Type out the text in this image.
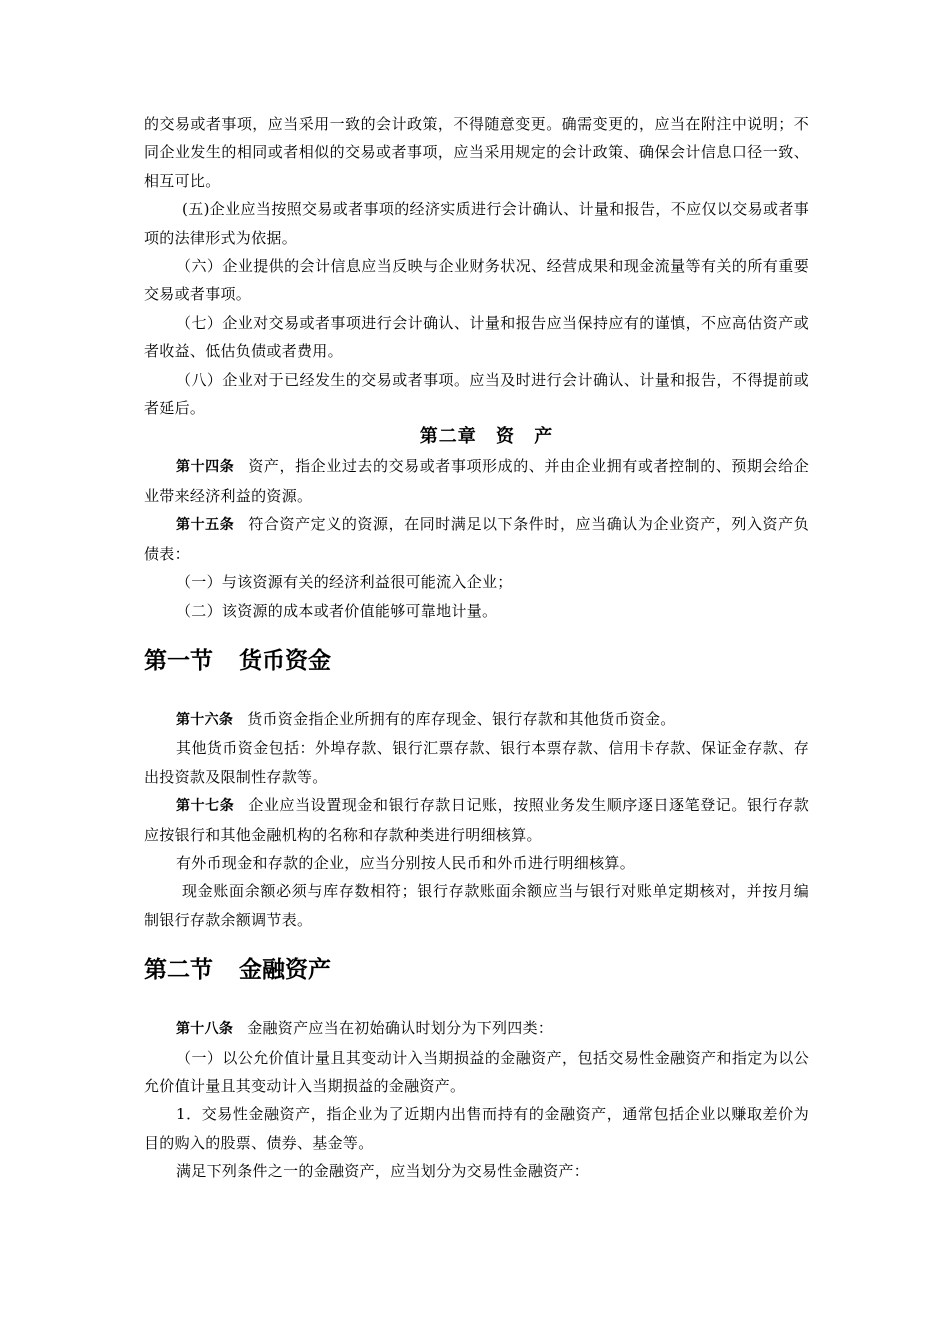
的交易或者事项，应当采用一致的会计政策，不得随意变更。确需变更的，应当在附注中说明；不同企业发生的相同或者相似的交易或者事项，应当采用规定的会计政策、确保会计信息口径一致、相互可比。

(五)企业应当按照交易或者事项的经济实质进行会计确认、计量和报告，不应仅以交易或者事项的法律形式为依据。

（六）企业提供的会计信息应当反映与企业财务状况、经营成果和现金流量等有关的所有重要交易或者事项。

（七）企业对交易或者事项进行会计确认、计量和报告应当保持应有的谨慎，不应高估资产或者收益、低估负债或者费用。

（八）企业对于已经发生的交易或者事项。应当及时进行会计确认、计量和报告，不得提前或者延后。

第二章 资 产

第十四条 资产，指企业过去的交易或者事项形成的、并由企业拥有或者控制的、预期会给企业带来经济利益的资源。

第十五条 符合资产定义的资源，在同时满足以下条件时，应当确认为企业资产，列入资产负债表：

（一）与该资源有关的经济利益很可能流入企业；

（二）该资源的成本或者价值能够可靠地计量。

第一节 货币资金

第十六条 货币资金指企业所拥有的库存现金、银行存款和其他货币资金。

其他货币资金包括：外埠存款、银行汇票存款、银行本票存款、信用卡存款、保证金存款、存出投资款及限制性存款等。

第十七条 企业应当设置现金和银行存款日记账，按照业务发生顺序逐日逐笔登记。银行存款应按银行和其他金融机构的名称和存款种类进行明细核算。

有外币现金和存款的企业，应当分别按人民币和外币进行明细核算。

现金账面余额必须与库存数相符；银行存款账面余额应当与银行对账单定期核对，并按月编制银行存款余额调节表。

第二节 金融资产

第十八条 金融资产应当在初始确认时划分为下列四类：

（一）以公允价值计量且其变动计入当期损益的金融资产，包括交易性金融资产和指定为以公允价值计量且其变动计入当期损益的金融资产。

1．交易性金融资产，指企业为了近期内出售而持有的金融资产，通常包括企业以赚取差价为目的购入的股票、债券、基金等。

满足下列条件之一的金融资产，应当划分为交易性金融资产：
